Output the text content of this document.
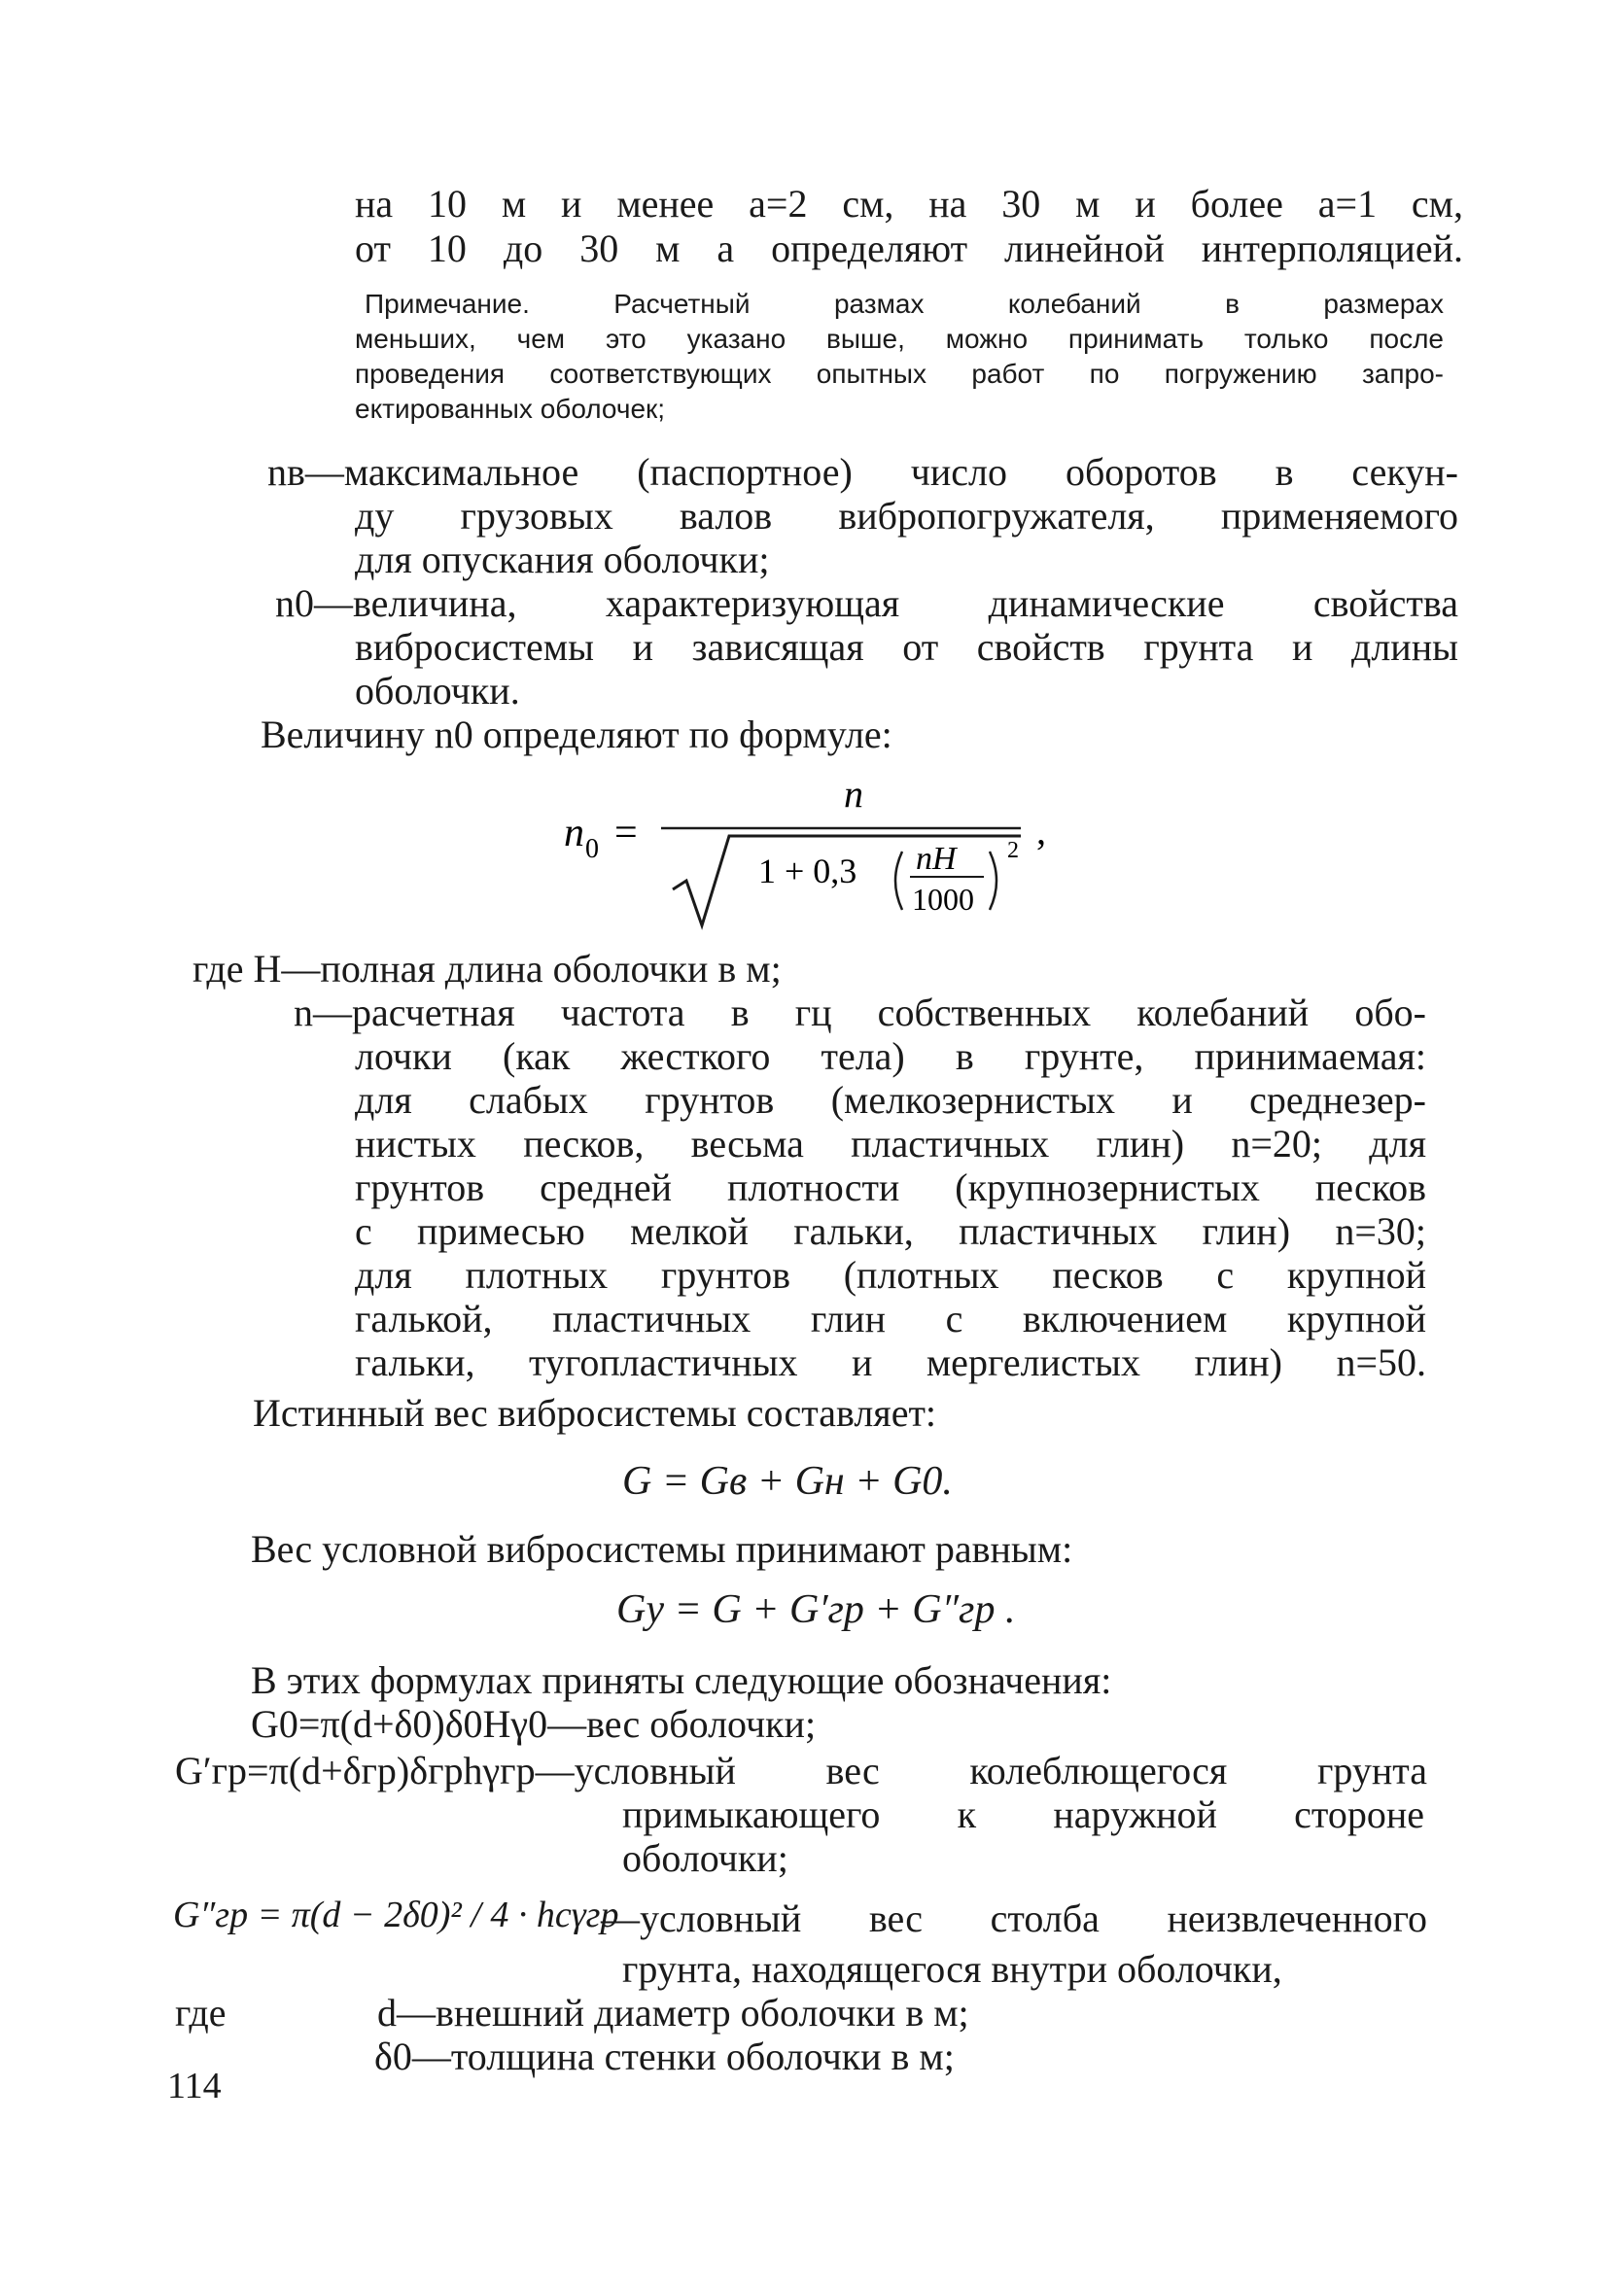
на 10 м и менее a=2 см, на 30 м и более a=1 см,
от 10 до 30 м а определяют линейной интерполяцией.
Примечание. Расчетный размах колебаний в размерах
меньших, чем это указано выше, можно принимать только после
проведения соответствующих опытных работ по погружению запро-
ектированных оболочек;
nв—максимальное (паспортное) число оборотов в секун-
ду грузовых валов вибропогружателя, применяемого
для опускания оболочки;
n0—величина, характеризующая динамические свойства
вибросистемы и зависящая от свойств грунта и длины
оболочки.
Величину n0 определяют по формуле:
n 0 =
n
1 + 0,3 nH
1000
2 ,
где H—полная длина оболочки в м;
n—расчетная частота в гц собственных колебаний обо-
лочки (как жесткого тела) в грунте, принимаемая:
для слабых грунтов (мелкозернистых и среднезер-
нистых песков, весьма пластичных глин) n=20; для
грунтов средней плотности (крупнозернистых песков
с примесью мелкой гальки, пластичных глин) n=30;
для плотных грунтов (плотных песков с крупной
галькой, пластичных глин с включением крупной
гальки, тугопластичных и мергелистых глин) n=50.
Истинный вес вибросистемы составляет:
G = Gв + Gн + G0.
Вес условной вибросистемы принимают равным:
Gу = G + G′гр + G″гр .
В этих формулах приняты следующие обозначения:
G0=π(d+δ0)δ0Hγ0—вес оболочки;
G′гр=π(d+δгр)δгрhγгр—условный вес колеблющегося грунта
примыкающего к наружной стороне
оболочки;
G″гр = π(d − 2δ0)² / 4 · hcγгр
—условный вес столба неизвлеченного
грунта, находящегося внутри оболочки,
где	d—внешний диаметр оболочки в м;
δ0—толщина стенки оболочки в м;
114
